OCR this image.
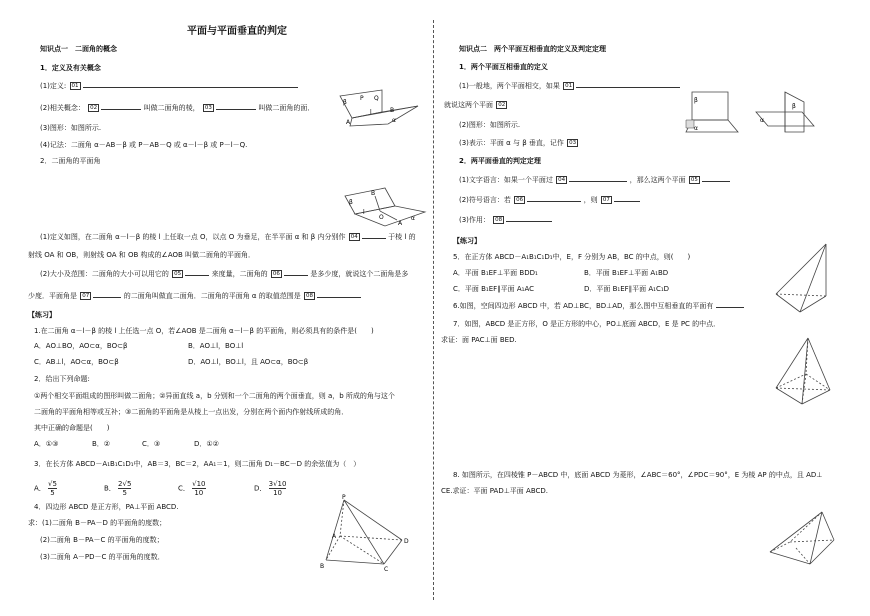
平面与平面垂直的判定
知识点一　二面角的概念
1．定义及有关概念
(1)定义: 01
(2)相关概念： 02	叫做二面角的棱， 03	叫做二面角的面．
(3)图形：如图所示.
(4)记法：二面角 α－AB－β 或 P－AB－Q 或 α－l－β 或 P－l－Q.
2．二面角的平面角
β
P Q
B
l
α
A
β
B
l
O
A
α
(1)定义如图，在二面角 α－l－β 的棱 l 上任取一点 O，以点 O 为垂足，在半平面 α 和 β 内分别作 04	于棱 l 的
射线 OA 和 OB，则射线 OA 和 OB 构成的∠AOB 叫做二面角的平面角．
(2)大小及范围：二面角的大小可以用它的 05	来度量，二面角的 06	是多少度，就说这个二面角是多
少度．平面角是 07	的二面角叫做直二面角．二面角的平面角 α 的取值范围是 08
【练习】
1.在二面角 α－l－β 的棱 l 上任选一点 O，若∠AOB 是二面角 α－l－β 的平面角，则必须具有的条件是(　　)
A．AO⊥BO，AO⊂α，BO⊂β	B．AO⊥l，BO⊥l
C．AB⊥l，AO⊂α，BO⊂β	D．AO⊥l，BO⊥l，且 AO⊂α，BO⊂β
2．给出下列命题:
①两个相交平面组成的图形叫做二面角；②异面直线 a，b 分别和一个二面角的两个面垂直，则 a，b 所成的角与这个
二面角的平面角相等或互补；③二面角的平面角是从棱上一点出发，分别在两个面内作射线所成的角．
其中正确的命题是(　　)
A．①③	B．②	C．③	D．①②
3．在长方体 ABCD－A₁B₁C₁D₁中，AB＝3，BC＝2，AA₁＝1，则二面角 D₁－BC－D 的余弦值为（　）
A． $\frac{√5}{5}$	B． $\frac{2√5}{5}$	C． $\frac{√10}{10}$	D． $\frac{3√10}{10}$
4．四边形 ABCD 是正方形，PA⊥平面 ABCD.
求：(1)二面角 B－PA－D 的平面角的度数；
(2)二面角 B－PA－C 的平面角的度数；
(3)二面角 A－PD－C 的平面角的度数．
P
A
D
B	C
知识点二　两个平面互相垂直的定义及判定定理
1．两个平面互相垂直的定义
(1)一般地，两个平面相交，如果 01
就说这两个平面 02
(2)图形：如图所示.
(3)表示：平面 α 与 β 垂直，记作 03
β
α
β
α
2．两平面垂直的判定定理
(1)文字语言：如果一个平面过 04	，那么这两个平面 05
(2)符号语言：若 06	，则 07
(3)作用： 08
【练习】
5．在正方体 ABCD－A₁B₁C₁D₁中，E，F 分别为 AB，BC 的中点，则(　　)
A．平面 B₁EF⊥平面 BDD₁	B．平面 B₁EF⊥平面 A₁BD
C．平面 B₁EF∥平面 A₁AC	D．平面 B₁EF∥平面 A₁C₁D
6.如图，空间四边形 ABCD 中，若 AD⊥BC，BD⊥AD，那么图中互相垂直的平面有
7．如图，ABCD 是正方形，O 是正方形的中心，PO⊥底面 ABCD，E 是 PC 的中点．
求证：面 PAC⊥面 BED.
8. 如图所示，在四棱锥 P－ABCD 中，底面 ABCD 为菱形，∠ABC＝60°，∠PDC＝90°，E 为棱 AP 的中点，且 AD⊥
CE.求证：平面 PAD⊥平面 ABCD.
